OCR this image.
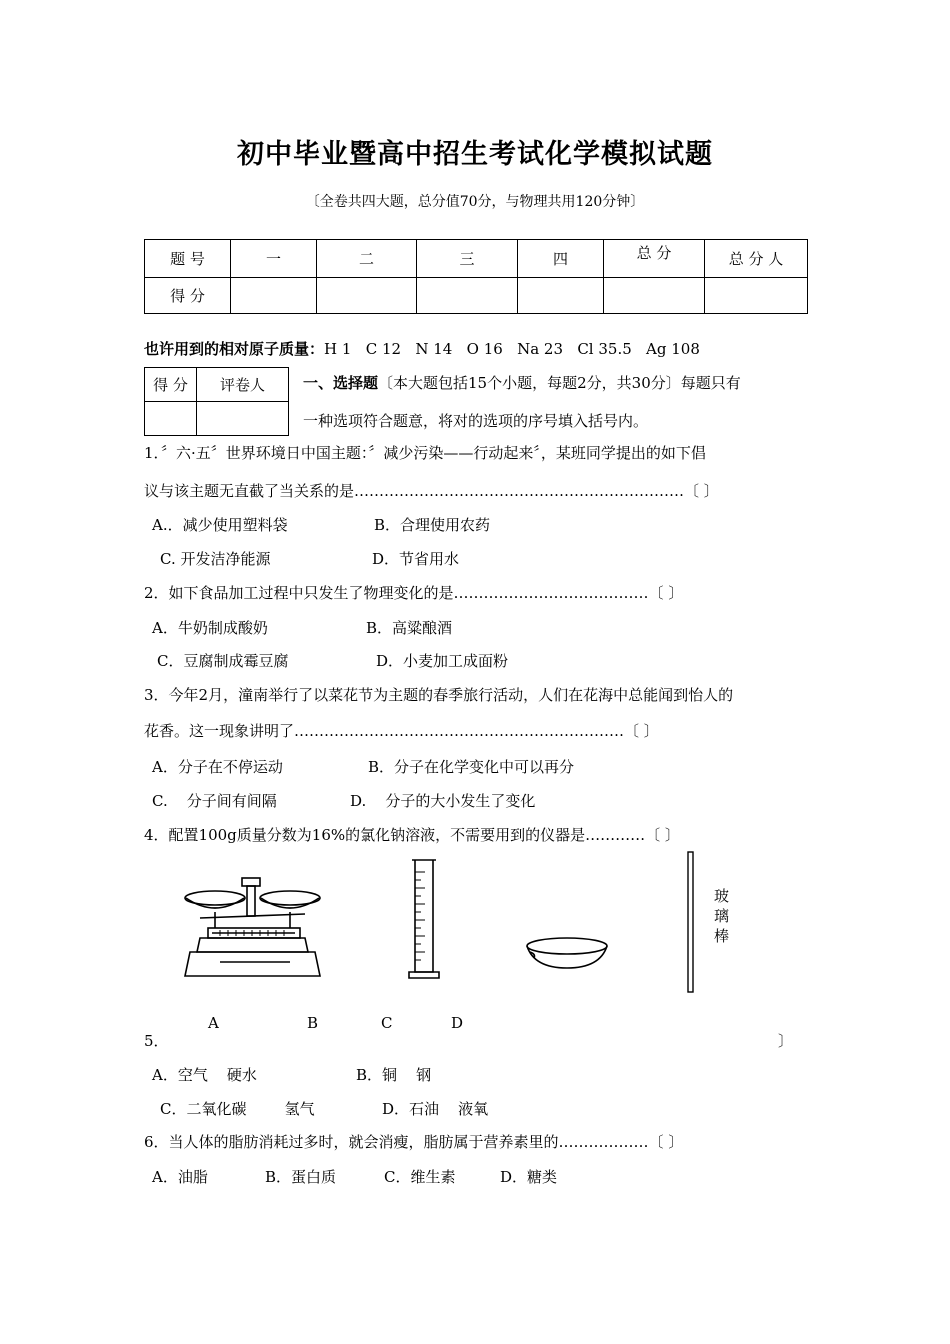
初中毕业暨高中招生考试化学模拟试题
〔全卷共四大题，总分值70分，与物理共用120分钟〕
题 号	一	二	三	四	总 分	总 分 人
得 分						
也许用到的相对原子质量：H 1   C 12   N 14   O 16   Na 23   Cl 35.5   Ag 108
得 分	评卷人
		一、选择题〔本大题包括15个小题，每题2分，共30分〕每题只有
一种选项符合题意，将对的选项的序号填入括号内。
1．〞六·五〞世界环境日中国主题：〞减少污染——行动起来〞，某班同学提出的如下倡
议与该主题无直截了当关系的是…………………………………………………………〔 〕
A.．减少使用塑料袋	B．合理使用农药
C. 开发洁净能源	D．节省用水
2．如下食品加工过程中只发生了物理变化的是…………………………………〔 〕
A．牛奶制成酸奶	B．高粱酿酒
C．豆腐制成霉豆腐	D．小麦加工成面粉
3．今年2月，潼南举行了以菜花节为主题的春季旅行活动，人们在花海中总能闻到怡人的
花香。这一现象讲明了…………………………………………………………〔 〕
A．分子在不停运动	B．分子在化学变化中可以再分
C.    分子间有间隔	D.    分子的大小发生了变化
4．配置100g质量分数为16%的氯化钠溶液，不需要用到的仪器是…………〔 〕
玻璃棒
A	B	C	D
5．	〕
A．空气    硬水	B．铜    钢
C．二氧化碳        氢气	D．石油    液氧
6．当人体的脂肪消耗过多时，就会消瘦，脂肪属于营养素里的………………〔 〕
A．油脂	B．蛋白质	C．维生素	D．糖类
